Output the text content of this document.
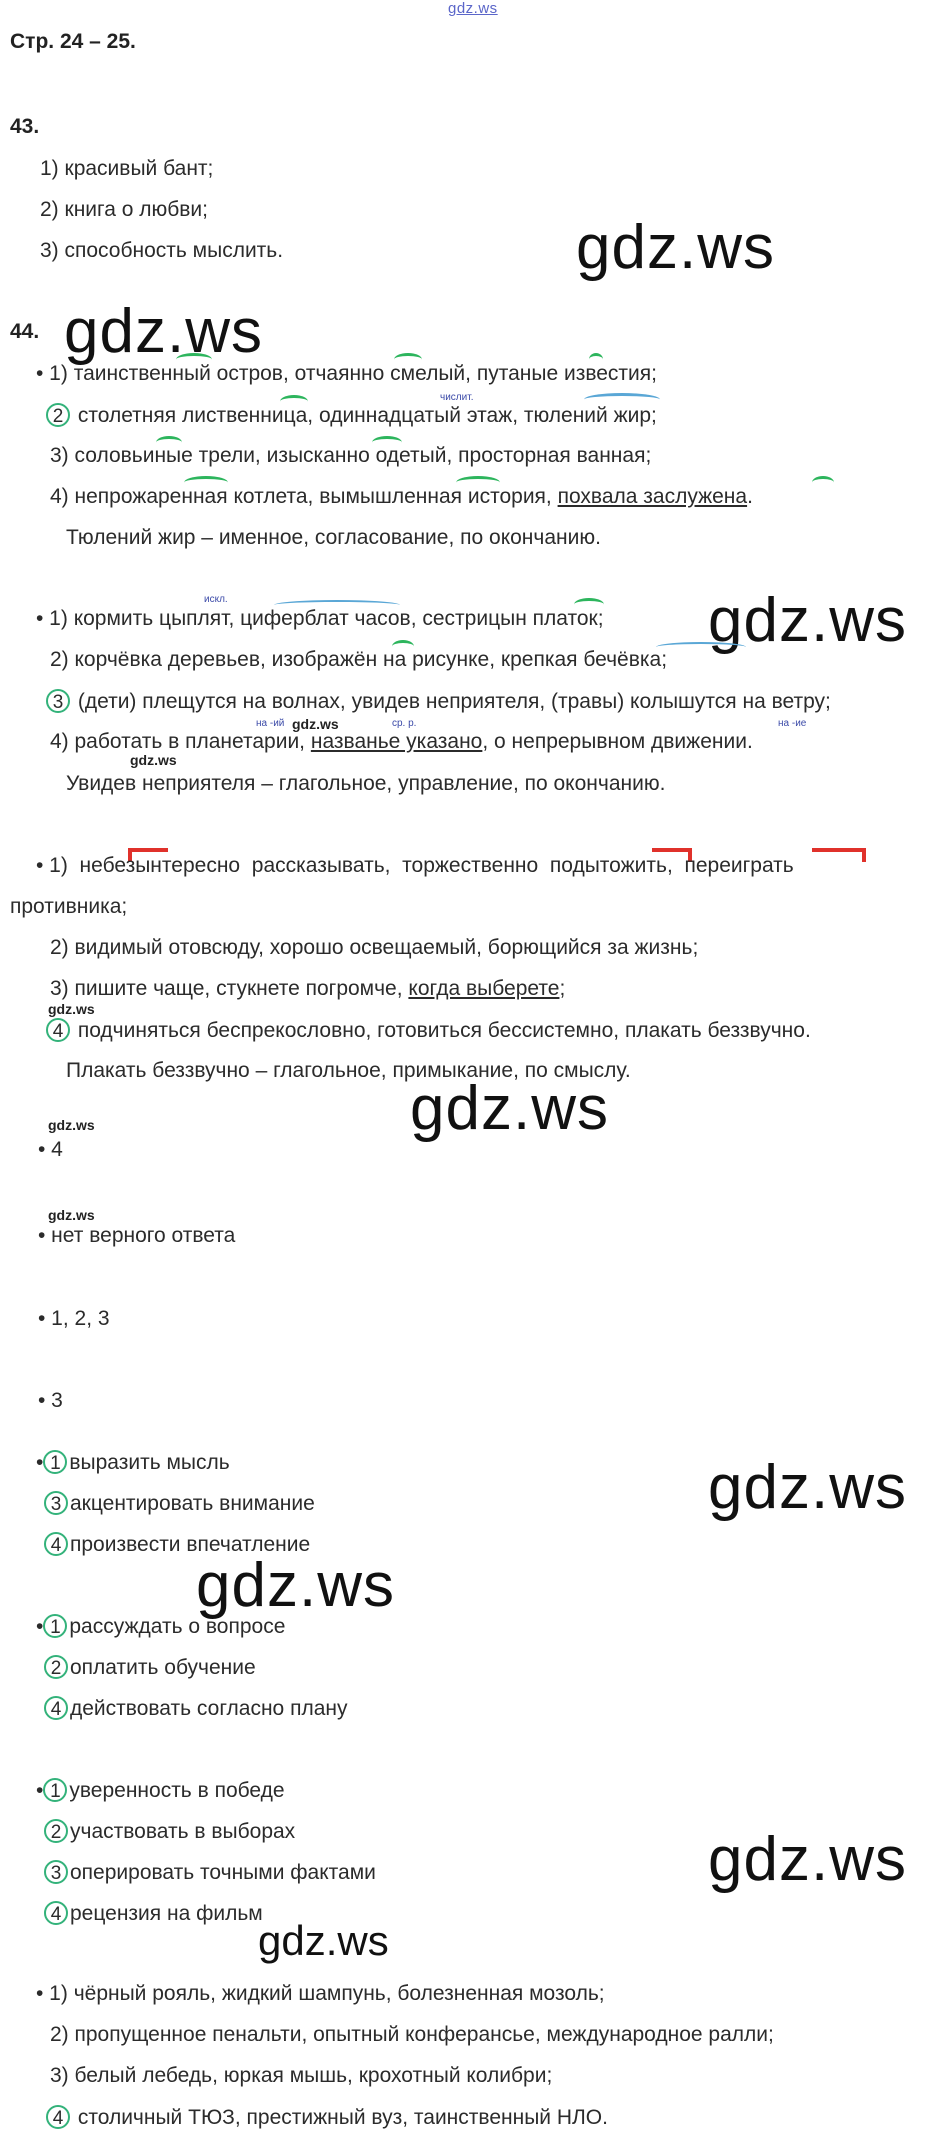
gdz.ws
Стр. 24 – 25.
43.
1) красивый бант;
2) книга о любви;
3) способность мыслить.	gdz.ws
44. gdz.ws
• 1) таинственный остров, отчаянно смелый, путаные известия;
числит.
2 столетняя лиственница, одиннадцатый этаж, тюлений жир;
3) соловьиные трели, изысканно одетый, просторная ванная;
4) непрожаренная котлета, вымышленная история, похвала заслужена.
Тюлений жир – именное, согласование, по окончанию.
искл.
• 1) кормить цыплят, циферблат часов, сестрицын платок; gdz.ws
2) корчёвка деревьев, изображён на рисунке, крепкая бечёвка;
3 (дети) плещутся на волнах, увидев неприятеля, (травы) колышутся на ветру;
на -ий gdz.ws	ср. р.	на -ие
4) работать в планетарии, названье указано, о непрерывном движении.
gdz.ws
Увидев неприятеля – глагольное, управление, по окончанию.
• 1)  небезынтересно  рассказывать,  торжественно  подытожить,  переиграть
противника;
2) видимый отовсюду, хорошо освещаемый, борющийся за жизнь;
3) пишите чаще, стукнете погромче, когда выберете;
gdz.ws
4 подчиняться беспрекословно, готовиться бессистемно, плакать беззвучно.
Плакать беззвучно – глагольное, примыкание, по смыслу.
gdz.ws
gdz.ws
• 4
gdz.ws
• нет верного ответа
• 1, 2, 3
• 3
• 1 выразить мысль
3 акцентировать внимание
4 произвести впечатление
gdz.ws
gdz.ws
• 1 рассуждать о вопросе
2 оплатить обучение
4 действовать согласно плану
• 1 уверенность в победе
2 участвовать в выборах
3 оперировать точными фактами
4 рецензия на фильм
gdz.ws
gdz.ws
• 1) чёрный рояль, жидкий шампунь, болезненная мозоль;
2) пропущенное пенальти, опытный конферансье, международное ралли;
3) белый лебедь, юркая мышь, крохотный колибри;
4 столичный ТЮЗ, престижный вуз, таинственный НЛО.
